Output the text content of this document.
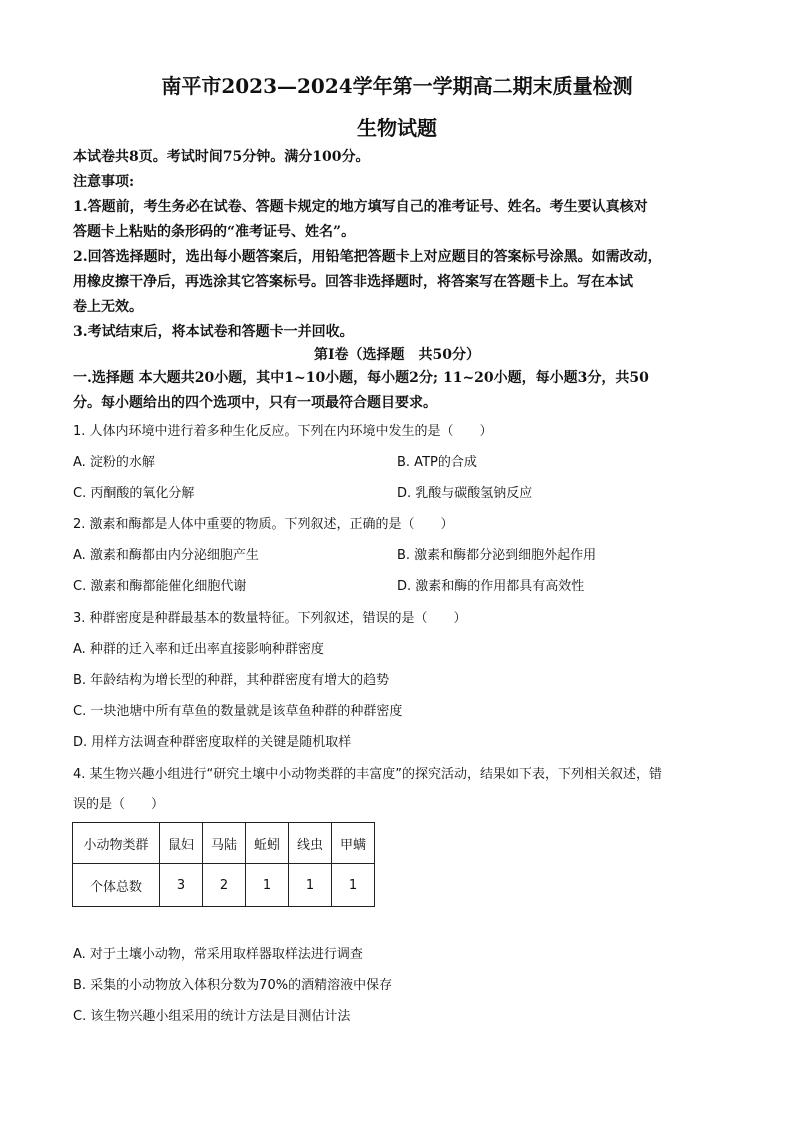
南平市2023—2024学年第一学期高二期末质量检测
生物试题
本试卷共8页。考试时间75分钟。满分100分。
注意事项:
1.答题前，考生务必在试卷、答题卡规定的地方填写自己的准考证号、姓名。考生要认真核对
答题卡上粘贴的条形码的“准考证号、姓名”。
2.回答选择题时，选出每小题答案后，用铅笔把答题卡上对应题目的答案标号涂黑。如需改动，
用橡皮擦干净后，再选涂其它答案标号。回答非选择题时，将答案写在答题卡上。写在本试
卷上无效。
3.考试结束后，将本试卷和答题卡一并回收。
第Ⅰ卷（选择题　共50分）
一.选择题 本大题共20小题，其中1~10小题，每小题2分; 11~20小题，每小题3分，共50
分。每小题给出的四个选项中，只有一项最符合题目要求。
1. 人体内环境中进行着多种生化反应。下列在内环境中发生的是（　　）
A. 淀粉的水解	B. ATP的合成
C. 丙酮酸的氧化分解	D. 乳酸与碳酸氢钠反应
2. 激素和酶都是人体中重要的物质。下列叙述，正确的是（　　）
A. 激素和酶都由内分泌细胞产生	B. 激素和酶都分泌到细胞外起作用
C. 激素和酶都能催化细胞代谢	D. 激素和酶的作用都具有高效性
3. 种群密度是种群最基本的数量特征。下列叙述，错误的是（　　）
A. 种群的迁入率和迁出率直接影响种群密度
B. 年龄结构为增长型的种群，其种群密度有增大的趋势
C. 一块池塘中所有草鱼的数量就是该草鱼种群的种群密度
D. 用样方法调查种群密度取样的关键是随机取样
4. 某生物兴趣小组进行“研究土壤中小动物类群的丰富度”的探究活动，结果如下表，下列相关叙述，错
误的是（　　）
小动物类群	鼠妇	马陆	蚯蚓	线虫	甲螨
个体总数	3	2	1	1	1
A. 对于土壤小动物，常采用取样器取样法进行调查
B. 采集的小动物放入体积分数为70%的酒精溶液中保存
C. 该生物兴趣小组采用的统计方法是目测估计法
